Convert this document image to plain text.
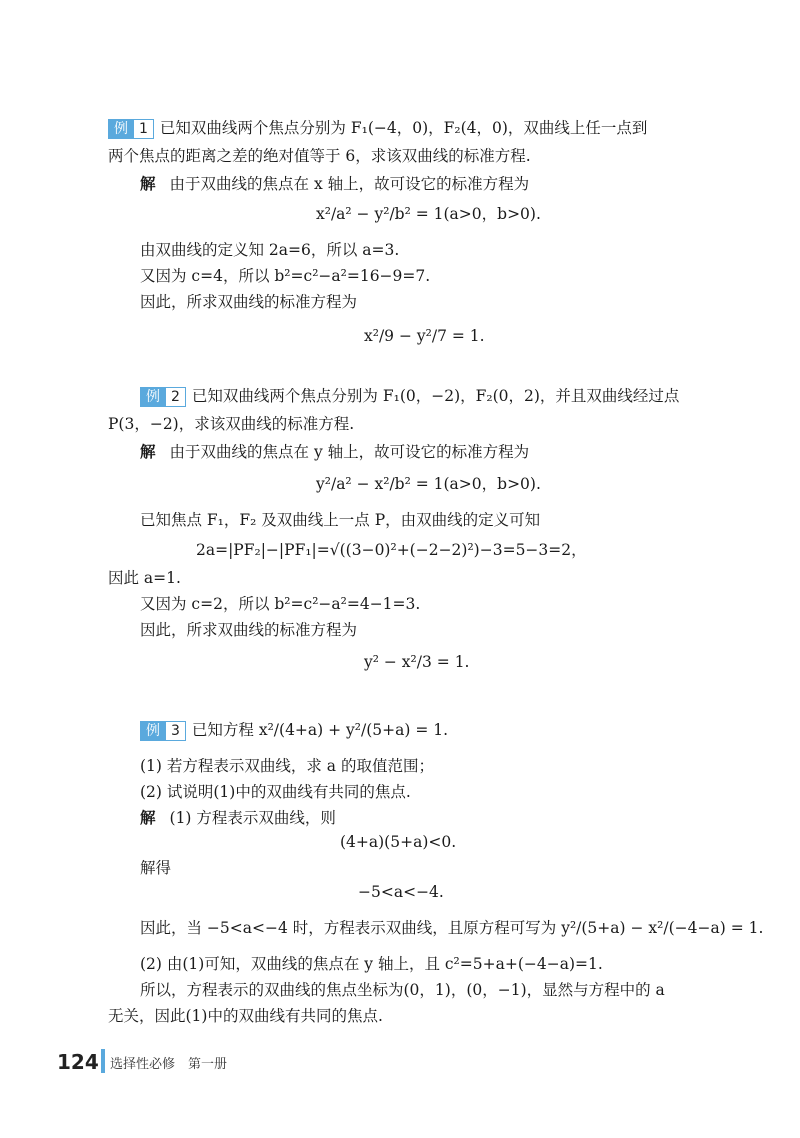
例 1 已知双曲线两个焦点分别为 F₁(−4，0)，F₂(4，0)，双曲线上任一点到
两个焦点的距离之差的绝对值等于 6，求该双曲线的标准方程.
解 由于双曲线的焦点在 x 轴上，故可设它的标准方程为
x²/a² − y²/b² = 1(a>0，b>0).
由双曲线的定义知 2a=6，所以 a=3.
又因为 c=4，所以 b²=c²−a²=16−9=7.
因此，所求双曲线的标准方程为
x²/9 − y²/7 = 1.
例 2 已知双曲线两个焦点分别为 F₁(0，−2)，F₂(0，2)，并且双曲线经过点
P(3，−2)，求该双曲线的标准方程.
解 由于双曲线的焦点在 y 轴上，故可设它的标准方程为
y²/a² − x²/b² = 1(a>0，b>0).
已知焦点 F₁，F₂ 及双曲线上一点 P，由双曲线的定义可知
2a=|PF₂|−|PF₁|=√((3−0)²+(−2−2)²)−3=5−3=2，
因此 a=1.
又因为 c=2，所以 b²=c²−a²=4−1=3.
因此，所求双曲线的标准方程为
y² − x²/3 = 1.
例 3 已知方程 x²/(4+a) + y²/(5+a) = 1.
(1) 若方程表示双曲线，求 a 的取值范围；
(2) 试说明(1)中的双曲线有共同的焦点.
解 (1) 方程表示双曲线，则
(4+a)(5+a)<0.
解得
−5<a<−4.
因此，当 −5<a<−4 时，方程表示双曲线，且原方程可写为 y²/(5+a) − x²/(−4−a) = 1.
(2) 由(1)可知，双曲线的焦点在 y 轴上，且 c²=5+a+(−4−a)=1.
所以，方程表示的双曲线的焦点坐标为(0，1)，(0，−1)，显然与方程中的 a
无关，因此(1)中的双曲线有共同的焦点.
124 选择性必修　第一册
